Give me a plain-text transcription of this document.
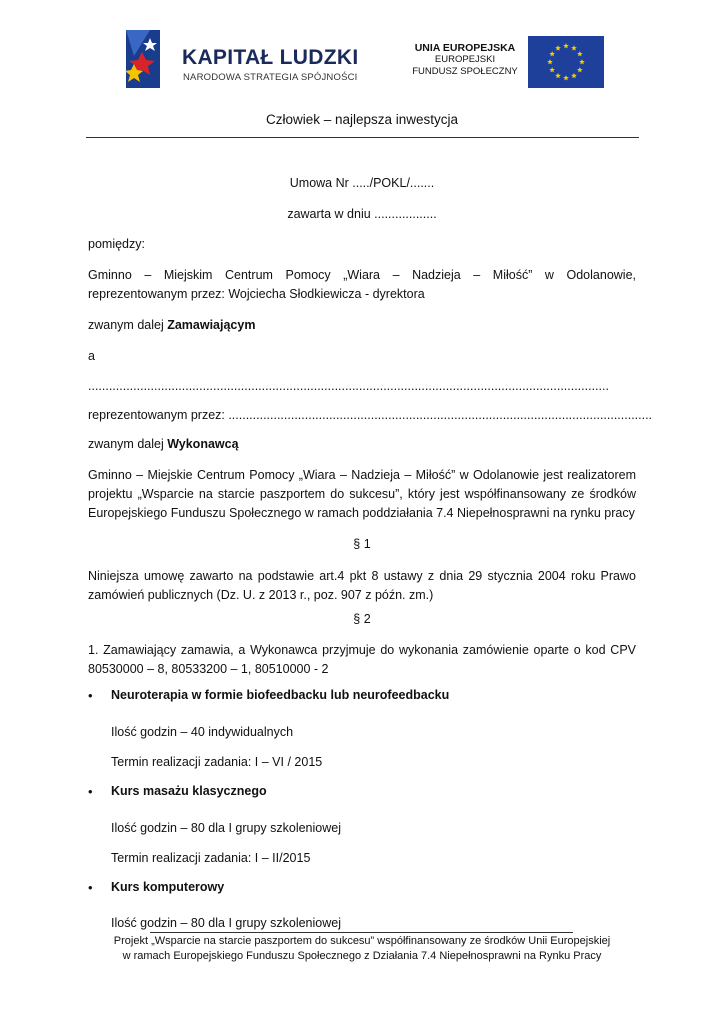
KAPITAŁ LUDZKI
NARODOWA STRATEGIA SPÓJNOŚCI
UNIA EUROPEJSKA
EUROPEJSKI
FUNDUSZ SPOŁECZNY
Człowiek – najlepsza inwestycja
Umowa Nr ...../POKL/.......
zawarta w dniu ..................
pomiędzy:
Gminno – Miejskim Centrum Pomocy „Wiara – Nadzieja – Miłość” w Odolanowie, reprezentowanym przez: Wojciecha Słodkiewicza - dyrektora
zwanym dalej Zamawiającym
a
......................................................................................................................................................
reprezentowanym przez: ..........................................................................................................................
zwanym dalej Wykonawcą
Gminno – Miejskie Centrum Pomocy „Wiara – Nadzieja – Miłość” w Odolanowie jest realizatorem projektu „Wsparcie na starcie paszportem do sukcesu”, który jest współfinansowany ze środków Europejskiego Funduszu Społecznego w ramach poddziałania 7.4 Niepełnosprawni na rynku pracy
§ 1
Niniejsza umowę zawarto na podstawie art.4 pkt 8 ustawy z dnia 29 stycznia 2004 roku Prawo zamówień publicznych (Dz. U. z 2013 r., poz. 907 z późn. zm.)
§ 2
1. Zamawiający zamawia, a Wykonawca przyjmuje do wykonania zamówienie oparte o kod CPV 80530000 – 8, 80533200 – 1, 80510000 - 2
• Neuroterapia w formie biofeedbacku lub neurofeedbacku
Ilość godzin – 40 indywidualnych
Termin realizacji zadania: I – VI / 2015
• Kurs masażu klasycznego
Ilość godzin – 80 dla I grupy szkoleniowej
Termin realizacji zadania: I – II/2015
• Kurs komputerowy
Ilość godzin – 80 dla I grupy szkoleniowej
Projekt „Wsparcie na starcie paszportem do sukcesu” współfinansowany ze środków Unii Europejskiej
w ramach Europejskiego Funduszu Społecznego z Działania 7.4 Niepełnosprawni na Rynku Pracy
